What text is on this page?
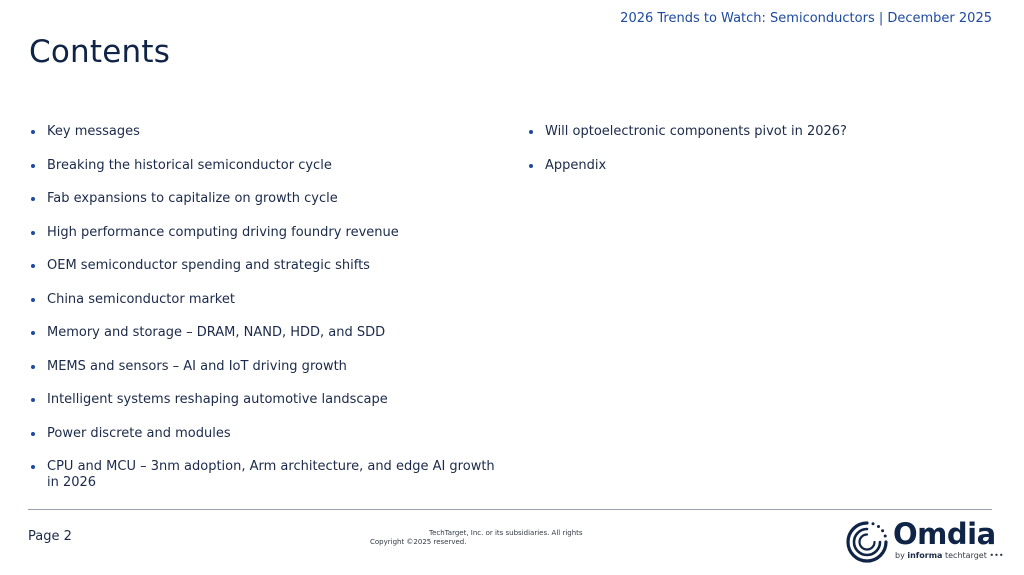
2026 Trends to Watch: Semiconductors | December 2025
Contents
Key messages
Breaking the historical semiconductor cycle
Fab expansions to capitalize on growth cycle
High performance computing driving foundry revenue
OEM semiconductor spending and strategic shifts
China semiconductor market
Memory and storage – DRAM, NAND, HDD, and SDD
MEMS and sensors – AI and IoT driving growth
Intelligent systems reshaping automotive landscape
Power discrete and modules
CPU and MCU – 3nm adoption, Arm architecture, and edge AI growth in 2026
Will optoelectronic components pivot in 2026?
Appendix
Page 2	TechTarget, Inc. or its subsidiaries. All rights
Copyright ©2025 reserved.	Omdia
by informa techtarget •••
